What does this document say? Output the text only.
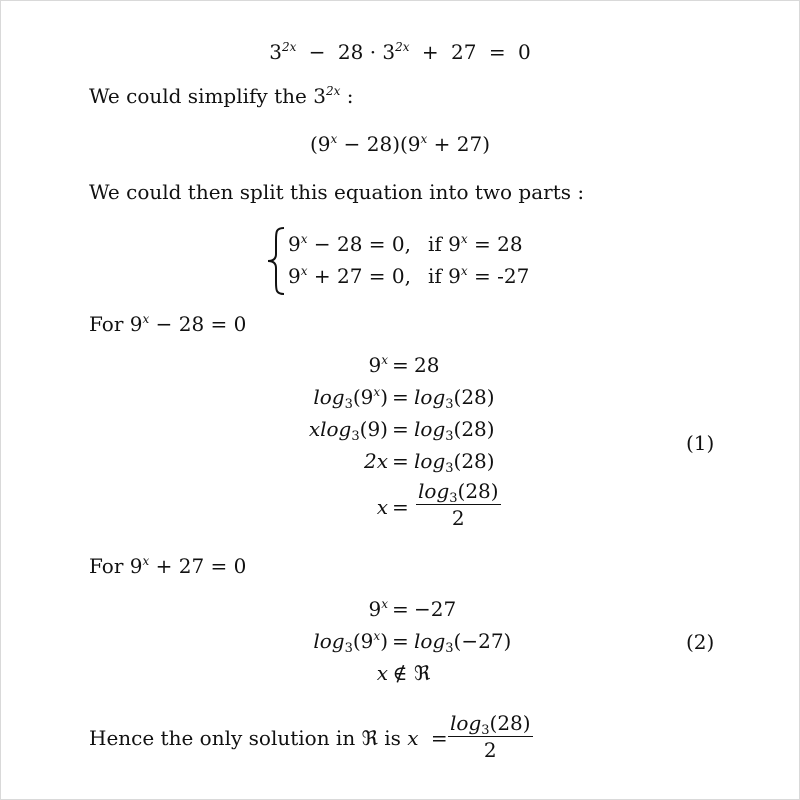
$3^{2x} - 28 \cdot 3^{2x} + 27 = 0$
We could simplify the $3^{2x}$ :
$(9^x - 28)(9^x + 27)$
We could then split this equation into two parts :
$9^x - 28 = 0$, if $9^x = 28$
$9^x + 27 = 0$, if $9^x = -27$
For $9^x - 28 = 0$
$9^x = 28$
$\log_3(9^x) = \log_3(28)$
$xlog_3(9) = \log_3(28)$
$2x = \log_3(28)$
$x = \frac{\log_3(28)}{2}$
(1)
For $9^x + 27 = 0$
$9^x = -27$
$\log_3(9^x) = \log_3(-27)$
x ∉ ℜ
(2)
Hence the only solution in ℜ is $x = \frac{\log_3(28)}{2}$
